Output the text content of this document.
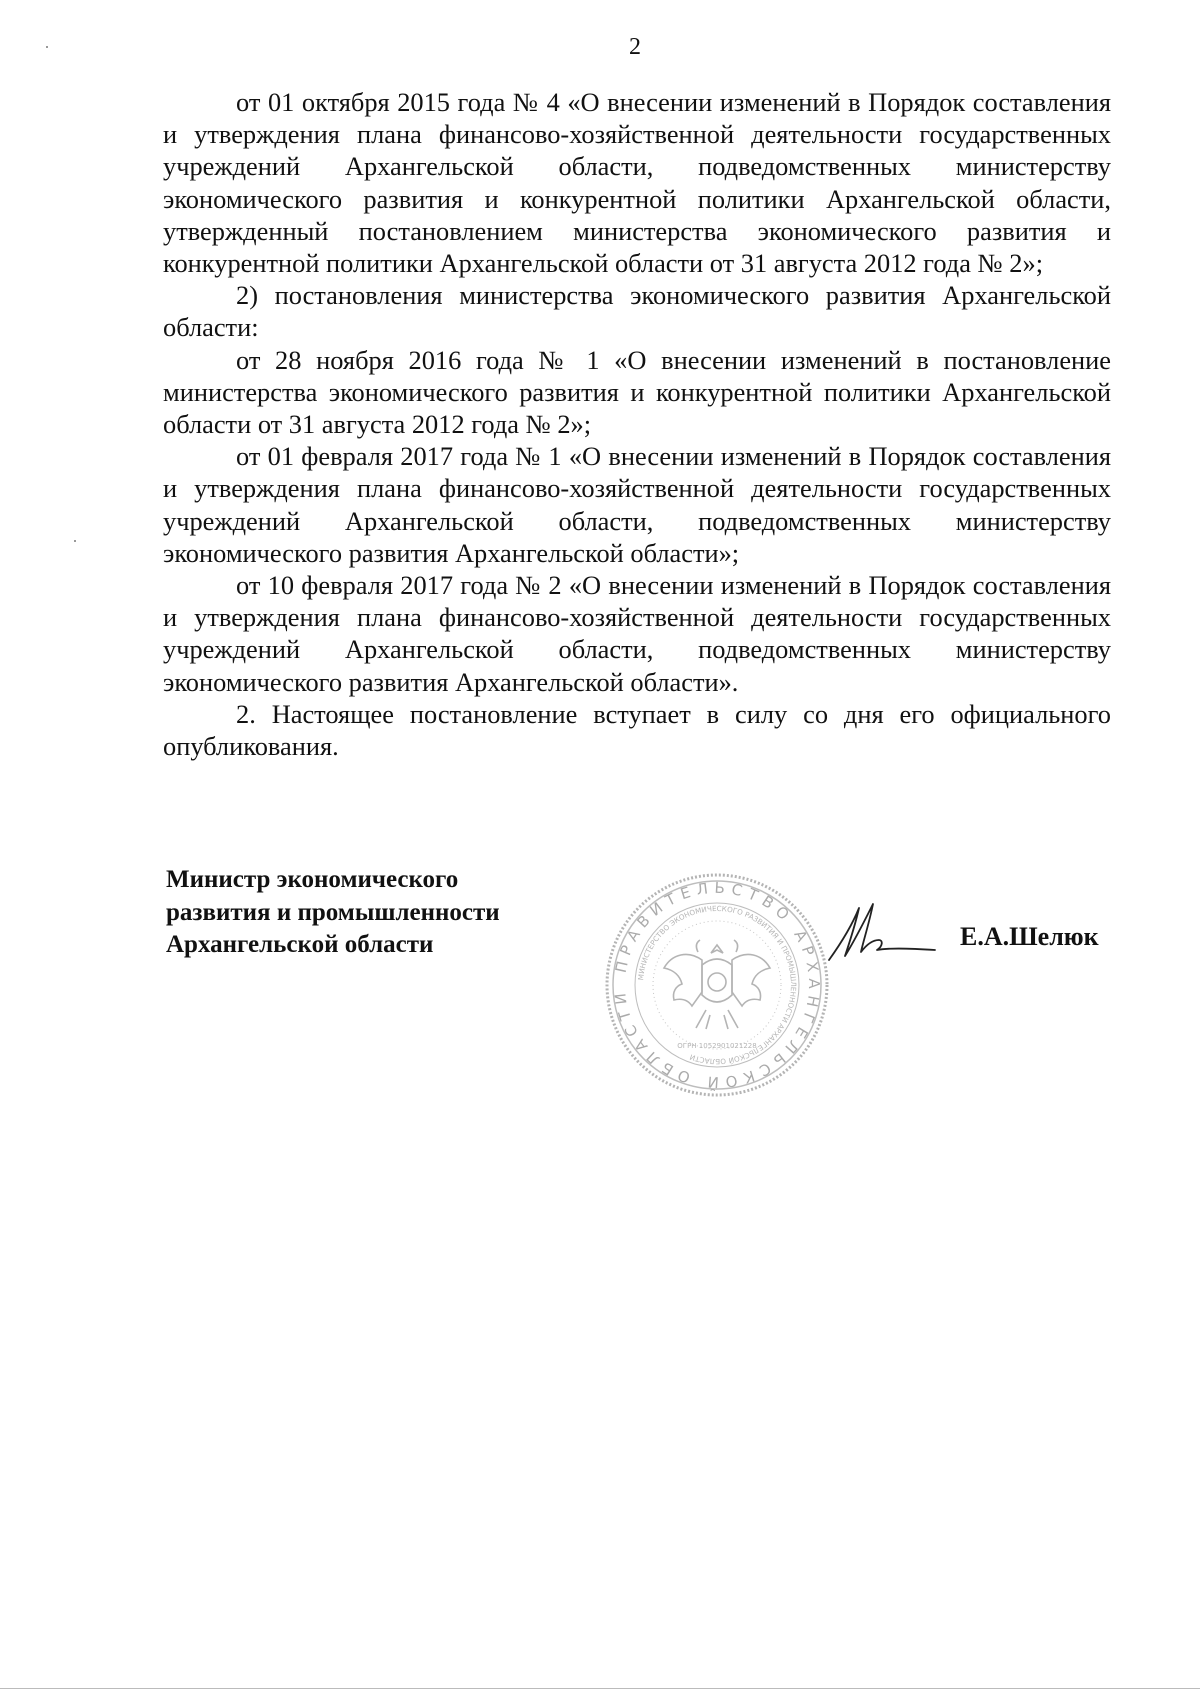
2

от 01 октября 2015 года № 4 «О внесении изменений в Порядок составления и утверждения плана финансово-хозяйственной деятельности государственных учреждений Архангельской области, подведомственных министерству экономического развития и конкурентной политики Архангельской области, утвержденный постановлением министерства экономического развития и конкурентной политики Архангельской области от 31 августа 2012 года № 2»;

2) постановления министерства экономического развития Архангельской области:

от 28 ноября 2016 года № 1 «О внесении изменений в постановление министерства экономического развития и конкурентной политики Архангельской области от 31 августа 2012 года № 2»;

от 01 февраля 2017 года № 1 «О внесении изменений в Порядок составления и утверждения плана финансово-хозяйственной деятельности государственных учреждений Архангельской области, подведомственных министерству экономического развития Архангельской области»;

от 10 февраля 2017 года № 2 «О внесении изменений в Порядок составления и утверждения плана финансово-хозяйственной деятельности государственных учреждений Архангельской области, подведомственных министерству экономического развития Архангельской области».

2. Настоящее постановление вступает в силу со дня его официального опубликования.

Министр экономического
развития и промышленности
Архангельской области
ПРАВИТЕЛЬСТВО АРХАНГЕЛЬСКОЙ ОБЛАСТИ
МИНИСТЕРСТВО ЭКОНОМИЧЕСКОГО РАЗВИТИЯ И ПРОМЫШЛЕННОСТИ АРХАНГЕЛЬСКОЙ ОБЛАСТИ
ОГРН 1052901021228
Е.А.Шелюк
